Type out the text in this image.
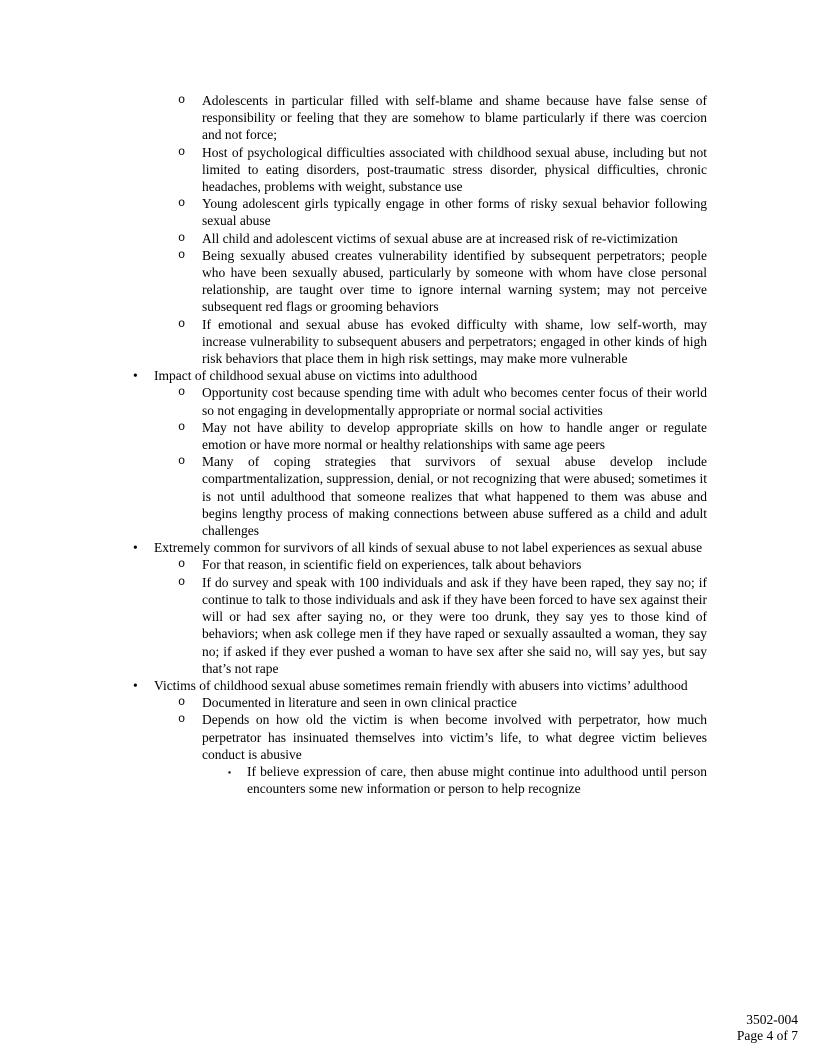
o Adolescents in particular filled with self-blame and shame because have false sense of responsibility or feeling that they are somehow to blame particularly if there was coercion and not force;
o Host of psychological difficulties associated with childhood sexual abuse, including but not limited to eating disorders, post-traumatic stress disorder, physical difficulties, chronic headaches, problems with weight, substance use
o Young adolescent girls typically engage in other forms of risky sexual behavior following sexual abuse
o All child and adolescent victims of sexual abuse are at increased risk of re-victimization
o Being sexually abused creates vulnerability identified by subsequent perpetrators; people who have been sexually abused, particularly by someone with whom have close personal relationship, are taught over time to ignore internal warning system; may not perceive subsequent red flags or grooming behaviors
o If emotional and sexual abuse has evoked difficulty with shame, low self-worth, may increase vulnerability to subsequent abusers and perpetrators; engaged in other kinds of high risk behaviors that place them in high risk settings, may make more vulnerable
• Impact of childhood sexual abuse on victims into adulthood
o Opportunity cost because spending time with adult who becomes center focus of their world so not engaging in developmentally appropriate or normal social activities
o May not have ability to develop appropriate skills on how to handle anger or regulate emotion or have more normal or healthy relationships with same age peers
o Many of coping strategies that survivors of sexual abuse develop include compartmentalization, suppression, denial, or not recognizing that were abused; sometimes it is not until adulthood that someone realizes that what happened to them was abuse and begins lengthy process of making connections between abuse suffered as a child and adult challenges
• Extremely common for survivors of all kinds of sexual abuse to not label experiences as sexual abuse
o For that reason, in scientific field on experiences, talk about behaviors
o If do survey and speak with 100 individuals and ask if they have been raped, they say no; if continue to talk to those individuals and ask if they have been forced to have sex against their will or had sex after saying no, or they were too drunk, they say yes to those kind of behaviors; when ask college men if they have raped or sexually assaulted a woman, they say no; if asked if they ever pushed a woman to have sex after she said no, will say yes, but say that’s not rape
• Victims of childhood sexual abuse sometimes remain friendly with abusers into victims’ adulthood
o Documented in literature and seen in own clinical practice
o Depends on how old the victim is when become involved with perpetrator, how much perpetrator has insinuated themselves into victim’s life, to what degree victim believes conduct is abusive
▪ If believe expression of care, then abuse might continue into adulthood until person encounters some new information or person to help recognize
3502-004
Page 4 of 7
